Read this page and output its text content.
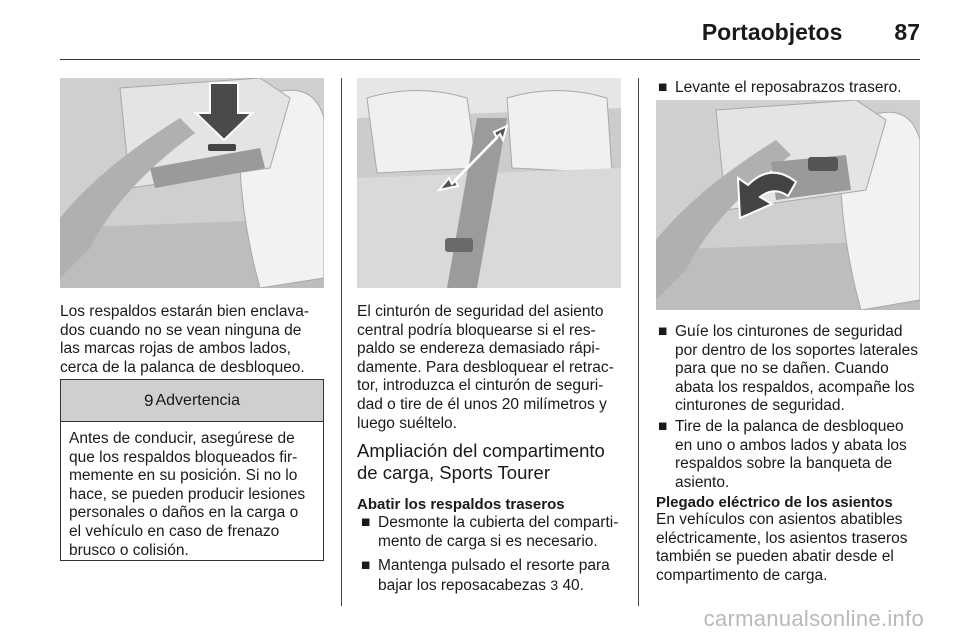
Portaobjetos 87
Los respaldos estarán bien enclava-
dos cuando no se vean ninguna de
las marcas rojas de ambos lados,
cerca de la palanca de desbloqueo.
9 Advertencia
Antes de conducir, asegúrese de
que los respaldos bloqueados fir-
memente en su posición. Si no lo
hace, se pueden producir lesiones
personales o daños en la carga o
el vehículo en caso de frenazo
brusco o colisión.
El cinturón de seguridad del asiento
central podría bloquearse si el res-
paldo se endereza demasiado rápi-
damente. Para desbloquear el retrac-
tor, introduzca el cinturón de seguri-
dad o tire de él unos 20 milímetros y
luego suéltelo.
Ampliación del compartimento
de carga, Sports Tourer
Abatir los respaldos traseros
■ Desmonte la cubierta del comparti-
mento de carga si es necesario.
■ Mantenga pulsado el resorte para
bajar los reposacabezas 3 40.
■ Levante el reposabrazos trasero.
■ Guíe los cinturones de seguridad
por dentro de los soportes laterales
para que no se dañen. Cuando
abata los respaldos, acompañe los
cinturones de seguridad.
■ Tire de la palanca de desbloqueo
en uno o ambos lados y abata los
respaldos sobre la banqueta de
asiento.
Plegado eléctrico de los asientos
En vehículos con asientos abatibles
eléctricamente, los asientos traseros
también se pueden abatir desde el
compartimento de carga.
carmanualsonline.info
